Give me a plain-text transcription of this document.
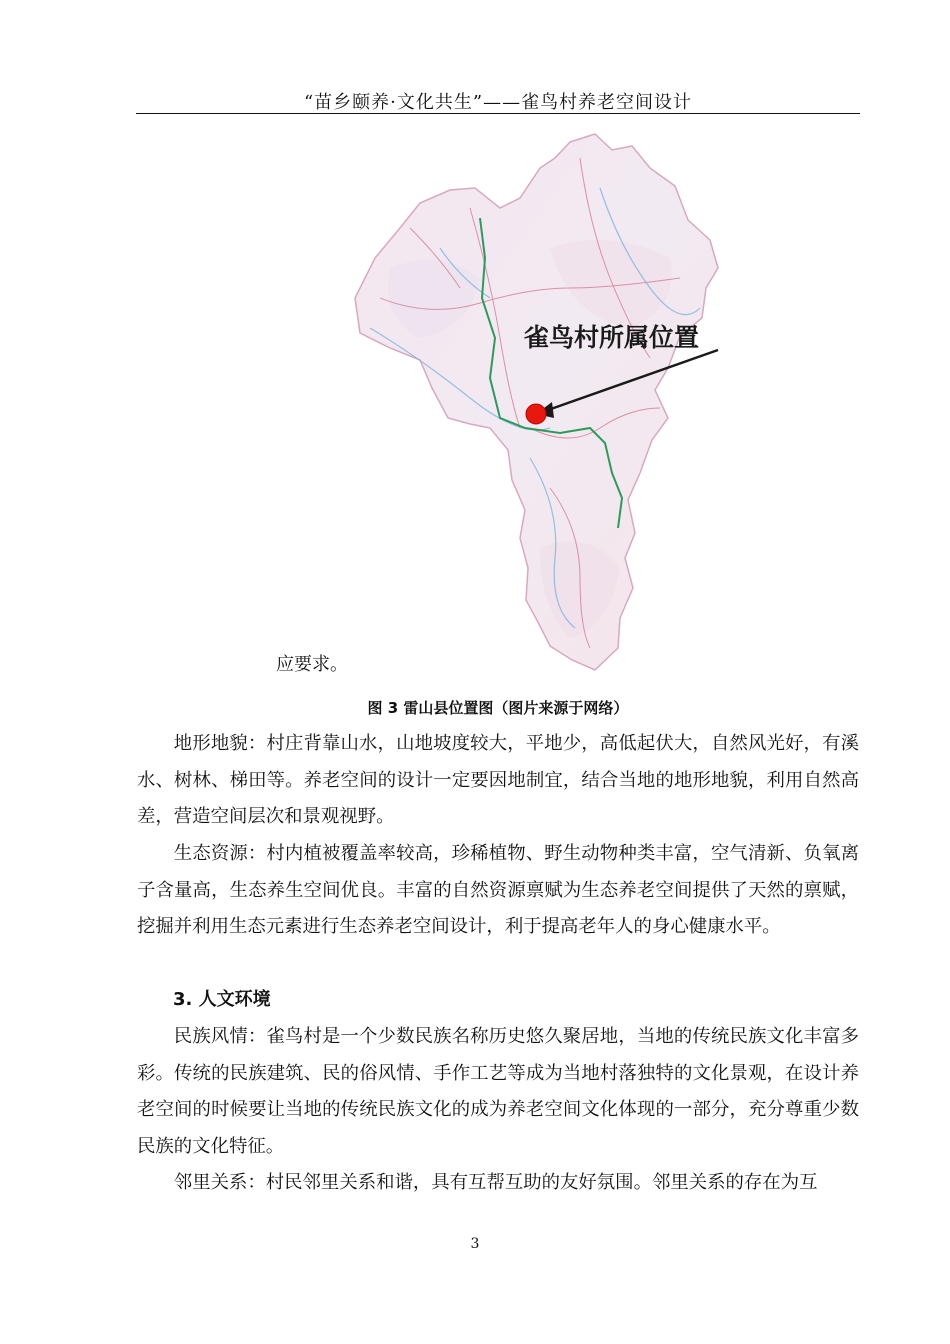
“苗乡颐养·文化共生”——雀鸟村养老空间设计
雀鸟村所属位置
应要求。
图 3 雷山县位置图（图片来源于网络）

地形地貌：村庄背靠山水，山地坡度较大，平地少，高低起伏大，自然风光好，有溪水、树林、梯田等。养老空间的设计一定要因地制宜，结合当地的地形地貌，利用自然高差，营造空间层次和景观视野。

生态资源：村内植被覆盖率较高，珍稀植物、野生动物种类丰富，空气清新、负氧离子含量高，生态养生空间优良。丰富的自然资源禀赋为生态养老空间提供了天然的禀赋，挖掘并利用生态元素进行生态养老空间设计，利于提高老年人的身心健康水平。

3. 人文环境

民族风情：雀鸟村是一个少数民族名称历史悠久聚居地，当地的传统民族文化丰富多彩。传统的民族建筑、民的俗风情、手作工艺等成为当地村落独特的文化景观，在设计养老空间的时候要让当地的传统民族文化的成为养老空间文化体现的一部分，充分尊重少数民族的文化特征。

邻里关系：村民邻里关系和谐，具有互帮互助的友好氛围。邻里关系的存在为互

3
